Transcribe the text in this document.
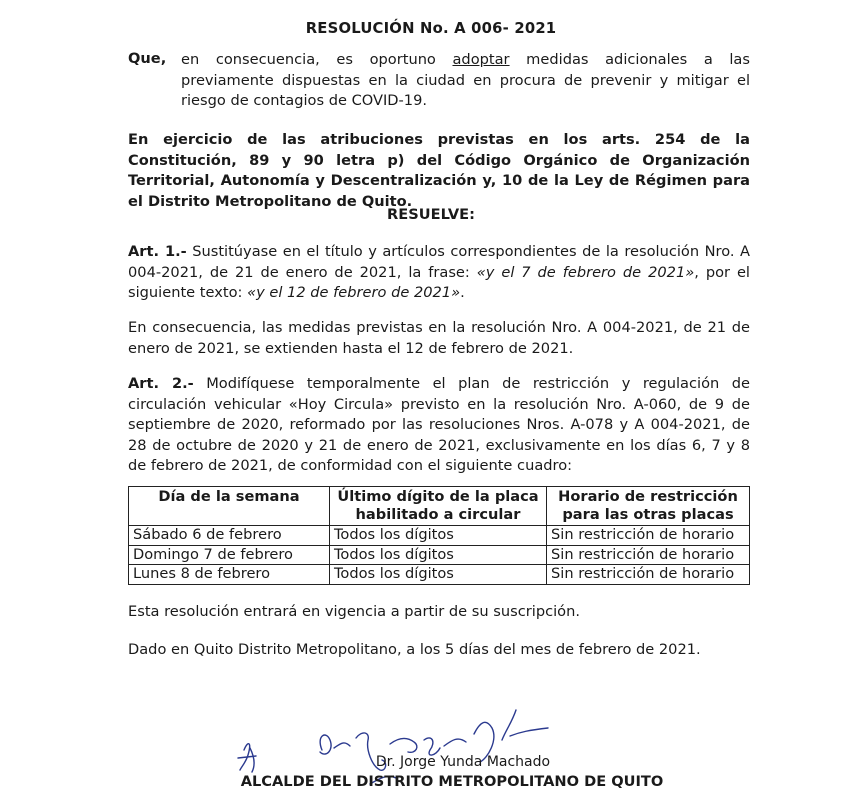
RESOLUCIÓN No. A 006- 2021
Que, en consecuencia, es oportuno adoptar medidas adicionales a las previamente dispuestas en la ciudad en procura de prevenir y mitigar el riesgo de contagios de COVID-19.
En ejercicio de las atribuciones previstas en los arts. 254 de la Constitución, 89 y 90 letra p) del Código Orgánico de Organización Territorial, Autonomía y Descentralización y, 10 de la Ley de Régimen para el Distrito Metropolitano de Quito.
RESUELVE:
Art. 1.- Sustitúyase en el título y artículos correspondientes de la resolución Nro. A 004-2021, de 21 de enero de 2021, la frase: «y el 7 de febrero de 2021», por el siguiente texto: «y el 12 de febrero de 2021».
En consecuencia, las medidas previstas en la resolución Nro. A 004-2021, de 21 de enero de 2021, se extienden hasta el 12 de febrero de 2021.
Art. 2.- Modifíquese temporalmente el plan de restricción y regulación de circulación vehicular «Hoy Circula» previsto en la resolución Nro. A-060, de 9 de septiembre de 2020, reformado por las resoluciones Nros. A-078 y A 004-2021, de 28 de octubre de 2020 y 21 de enero de 2021, exclusivamente en los días 6, 7 y 8 de febrero de 2021, de conformidad con el siguiente cuadro:
Día de la semana	Último dígito de la placa habilitado a circular	Horario de restricción para las otras placas
Sábado 6 de febrero	Todos los dígitos	Sin restricción de horario
Domingo 7 de febrero	Todos los dígitos	Sin restricción de horario
Lunes 8 de febrero	Todos los dígitos	Sin restricción de horario
Esta resolución entrará en vigencia a partir de su suscripción.
Dado en Quito Distrito Metropolitano, a los 5 días del mes de febrero de 2021.
Dr. Jorge Yunda Machado
ALCALDE DEL DISTRITO METROPOLITANO DE QUITO
